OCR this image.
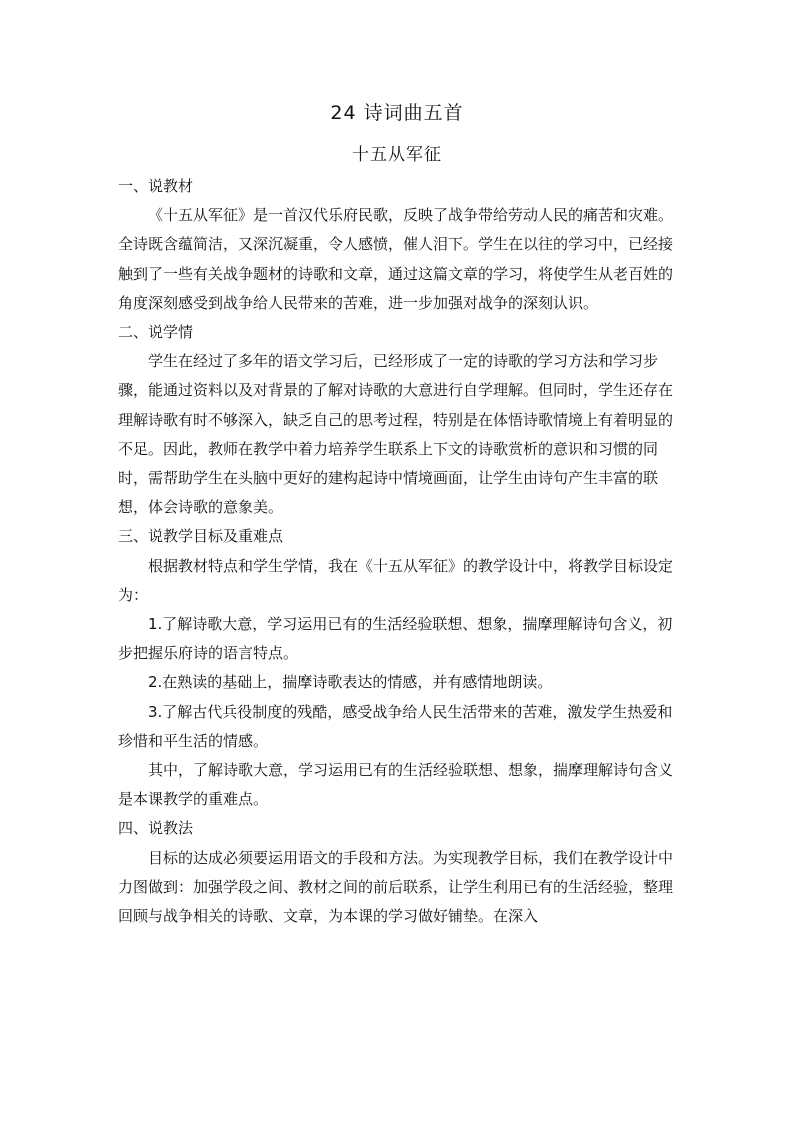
24 诗词曲五首
十五从军征

一、说教材

《十五从军征》是一首汉代乐府民歌，反映了战争带给劳动人民的痛苦和灾难。全诗既含蕴简洁，又深沉凝重，令人感愤，催人泪下。学生在以往的学习中，已经接触到了一些有关战争题材的诗歌和文章，通过这篇文章的学习，将使学生从老百姓的角度深刻感受到战争给人民带来的苦难，进一步加强对战争的深刻认识。

二、说学情

学生在经过了多年的语文学习后，已经形成了一定的诗歌的学习方法和学习步骤，能通过资料以及对背景的了解对诗歌的大意进行自学理解。但同时，学生还存在理解诗歌有时不够深入，缺乏自己的思考过程，特别是在体悟诗歌情境上有着明显的不足。因此，教师在教学中着力培养学生联系上下文的诗歌赏析的意识和习惯的同时，需帮助学生在头脑中更好的建构起诗中情境画面，让学生由诗句产生丰富的联想，体会诗歌的意象美。

三、说教学目标及重难点

根据教材特点和学生学情，我在《十五从军征》的教学设计中，将教学目标设定为：

1.了解诗歌大意，学习运用已有的生活经验联想、想象，揣摩理解诗句含义，初步把握乐府诗的语言特点。

2.在熟读的基础上，揣摩诗歌表达的情感，并有感情地朗读。

3.了解古代兵役制度的残酷，感受战争给人民生活带来的苦难，激发学生热爱和珍惜和平生活的情感。

其中，了解诗歌大意，学习运用已有的生活经验联想、想象，揣摩理解诗句含义是本课教学的重难点。

四、说教法

目标的达成必须要运用语文的手段和方法。为实现教学目标，我们在教学设计中力图做到：加强学段之间、教材之间的前后联系，让学生利用已有的生活经验，整理回顾与战争相关的诗歌、文章，为本课的学习做好铺垫。在深入
